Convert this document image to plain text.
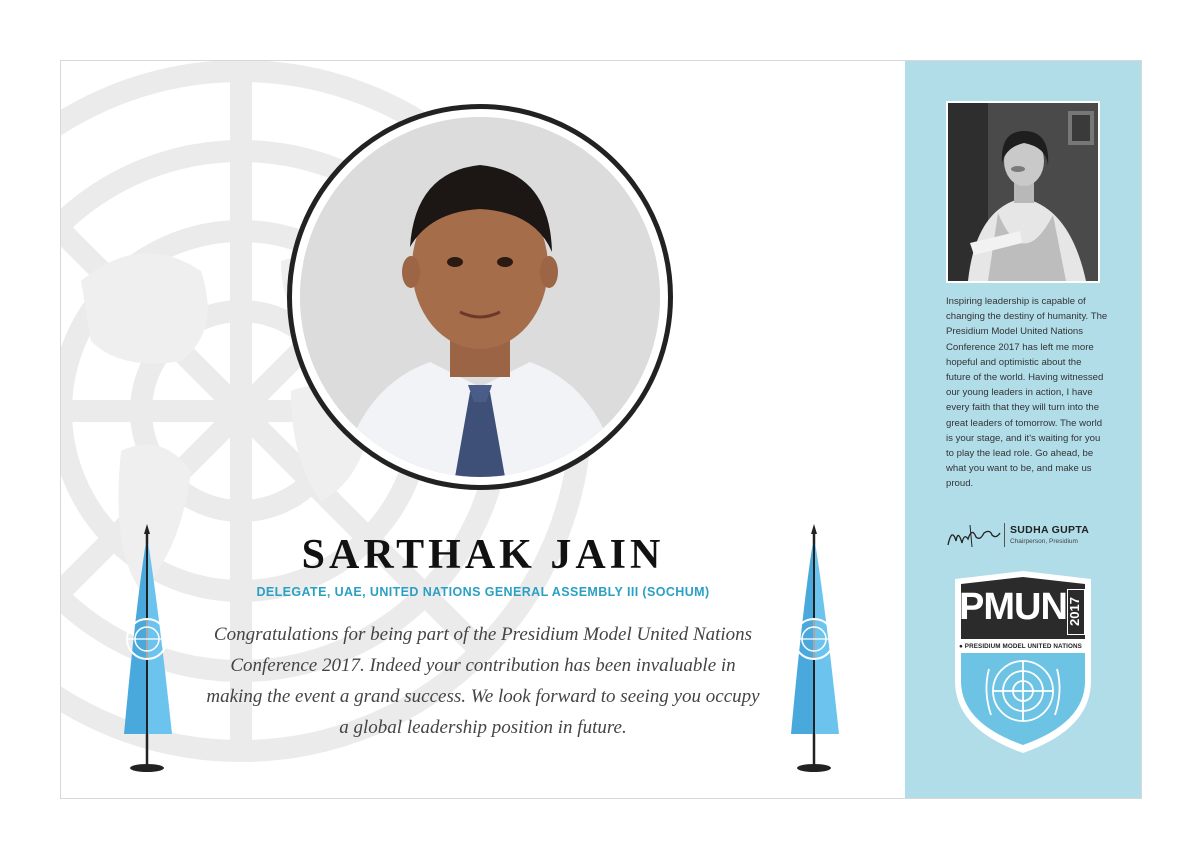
SARTHAK JAIN
DELEGATE, UAE, UNITED NATIONS GENERAL ASSEMBLY III (SOCHUM)
Congratulations for being part of the Presidium Model United Nations Conference 2017. Indeed your contribution has been invaluable in making the event a grand success. We look forward to seeing you occupy a global leadership position in future.
Inspiring leadership is capable of changing the destiny of humanity. The Presidium Model United Nations Conference 2017 has left me more hopeful and optimistic about the future of the world. Having witnessed our young leaders in action, I have every faith that they will turn into the great leaders of tomorrow. The world is your stage, and it's waiting for you to play the lead role. Go ahead, be what you want to be, and make us proud.
SUDHA GUPTA
Chairperson, Presidium
PMUN 2017
● PRESIDIUM MODEL UNITED NATIONS
